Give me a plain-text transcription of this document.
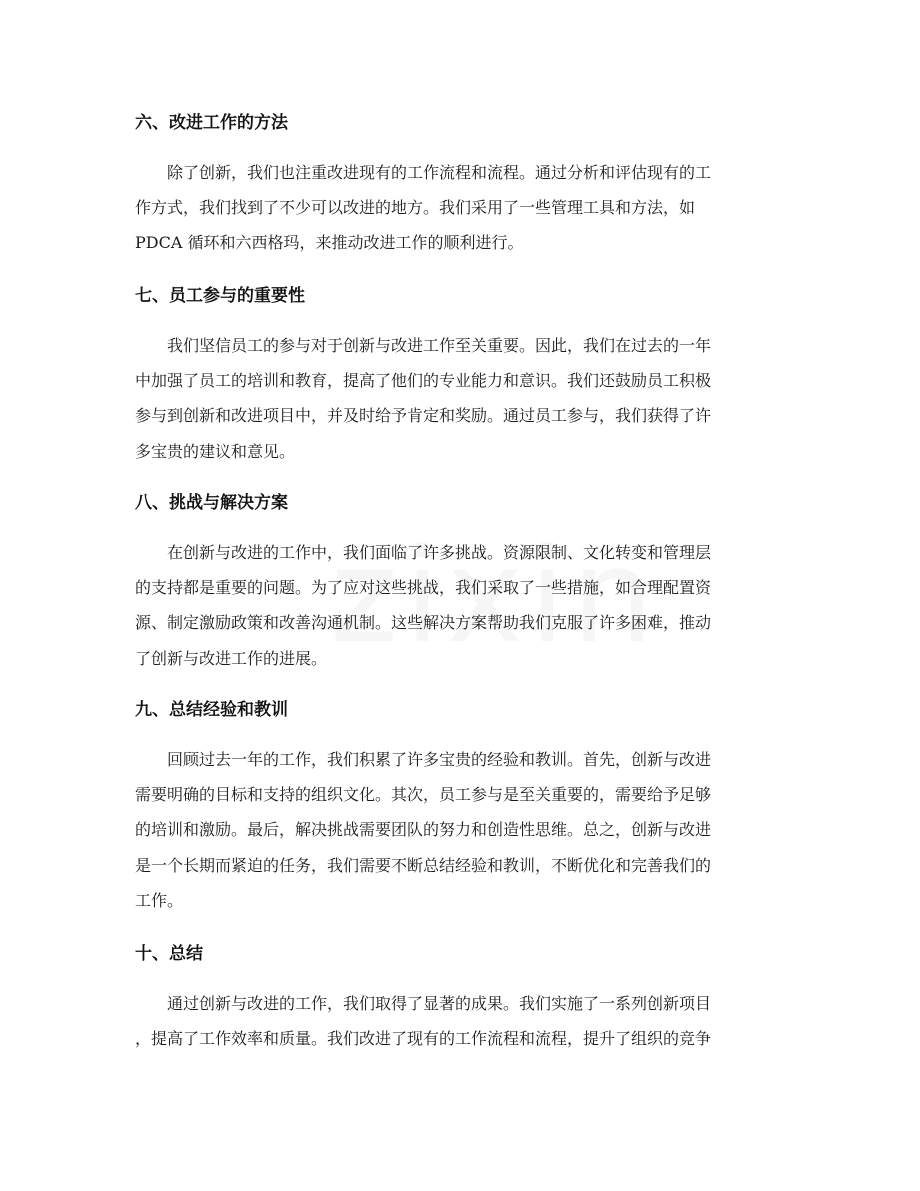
六、改进工作的方法

除了创新，我们也注重改进现有的工作流程和流程。通过分析和评估现有的工
作方式，我们找到了不少可以改进的地方。我们采用了一些管理工具和方法，如
PDCA 循环和六西格玛，来推动改进工作的顺利进行。

七、员工参与的重要性

我们坚信员工的参与对于创新与改进工作至关重要。因此，我们在过去的一年
中加强了员工的培训和教育，提高了他们的专业能力和意识。我们还鼓励员工积极
参与到创新和改进项目中，并及时给予肯定和奖励。通过员工参与，我们获得了许
多宝贵的建议和意见。

八、挑战与解决方案

在创新与改进的工作中，我们面临了许多挑战。资源限制、文化转变和管理层
的支持都是重要的问题。为了应对这些挑战，我们采取了一些措施，如合理配置资
源、制定激励政策和改善沟通机制。这些解决方案帮助我们克服了许多困难，推动
了创新与改进工作的进展。

九、总结经验和教训

回顾过去一年的工作，我们积累了许多宝贵的经验和教训。首先，创新与改进
需要明确的目标和支持的组织文化。其次，员工参与是至关重要的，需要给予足够
的培训和激励。最后，解决挑战需要团队的努力和创造性思维。总之，创新与改进
是一个长期而紧迫的任务，我们需要不断总结经验和教训，不断优化和完善我们的
工作。

十、总结

通过创新与改进的工作，我们取得了显著的成果。我们实施了一系列创新项目
，提高了工作效率和质量。我们改进了现有的工作流程和流程，提升了组织的竞争
